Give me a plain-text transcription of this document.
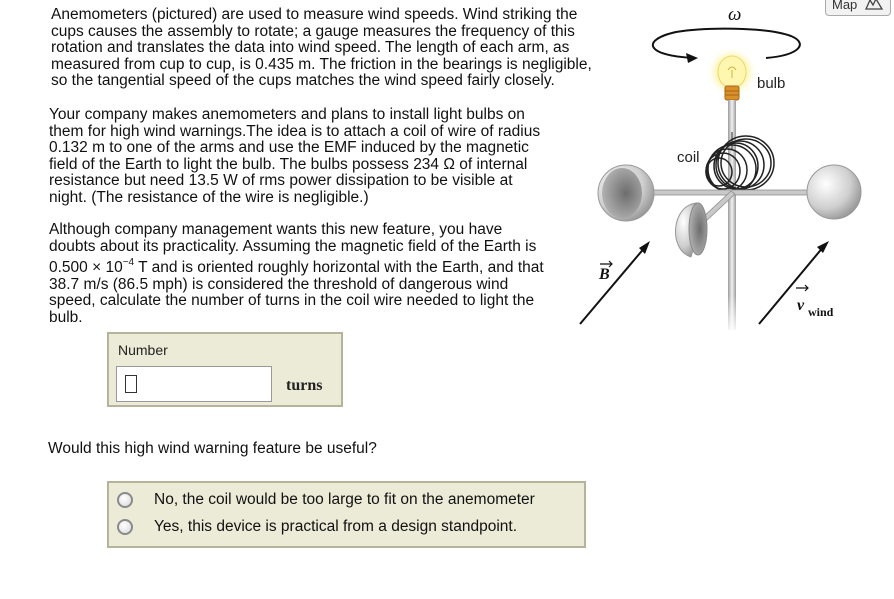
Anemometers (pictured) are used to measure wind speeds. Wind striking the
cups causes the assembly to rotate; a gauge measures the frequency of this
rotation and translates the data into wind speed. The length of each arm, as
measured from cup to cup, is 0.435 m. The friction in the bearings is negligible,
so the tangential speed of the cups matches the wind speed fairly closely.
Your company makes anemometers and plans to install light bulbs on
them for high wind warnings.The idea is to attach a coil of wire of radius
0.132 m to one of the arms and use the EMF induced by the magnetic
field of the Earth to light the bulb. The bulbs possess 234 Ω of internal
resistance but need 13.5 W of rms power dissipation to be visible at
night. (The resistance of the wire is negligible.)
Although company management wants this new feature, you have
doubts about its practicality. Assuming the magnetic field of the Earth is
$0.500 \times 10^{-4}$ T and is oriented roughly horizontal with the Earth, and that
38.7 m/s (86.5 mph) is considered the threshold of dangerous wind
speed, calculate the number of turns in the coil wire needed to light the
bulb.
Number
turns
Would this high wind warning feature be useful?
No, the coil would be too large to fit on the anemometer
Yes, this device is practical from a design standpoint.
Map
ω
bulb
coil
B
v wind
